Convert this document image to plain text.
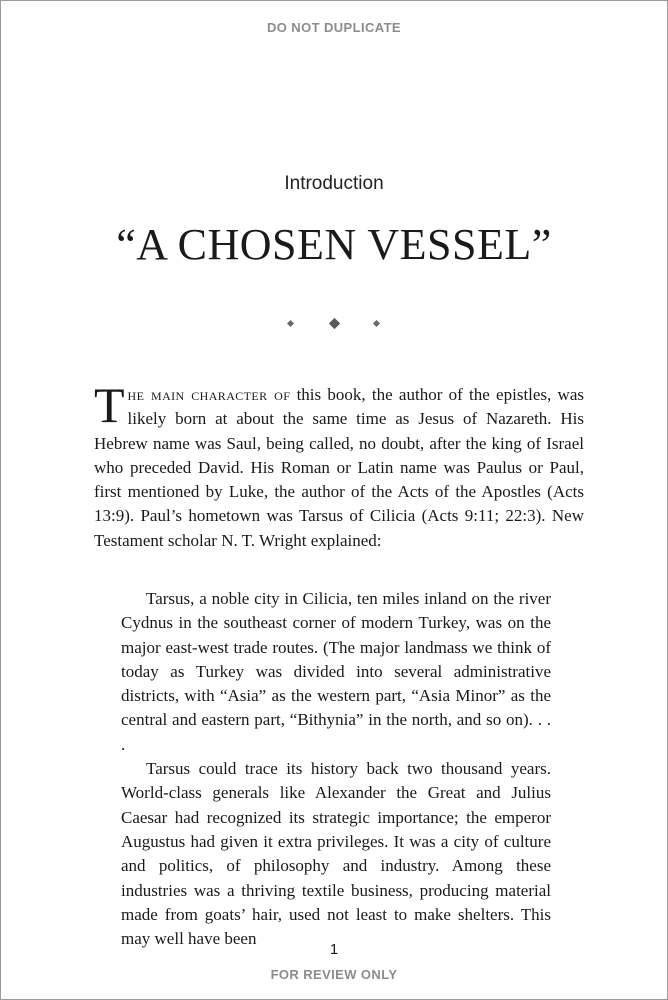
DO NOT DUPLICATE
Introduction
“A CHOSEN VESSEL”
The main character of this book, the author of the epistles, was likely born at about the same time as Jesus of Nazareth. His Hebrew name was Saul, being called, no doubt, after the king of Israel who preceded David. His Roman or Latin name was Paulus or Paul, first mentioned by Luke, the author of the Acts of the Apostles (Acts 13:9). Paul’s hometown was Tarsus of Cilicia (Acts 9:11; 22:3). New Testament scholar N. T. Wright explained:

Tarsus, a noble city in Cilicia, ten miles inland on the river Cydnus in the southeast corner of modern Turkey, was on the major east-west trade routes. (The major landmass we think of today as Turkey was divided into several administrative districts, with “Asia” as the western part, “Asia Minor” as the central and eastern part, “Bithynia” in the north, and so on). . . .

Tarsus could trace its history back two thousand years. World-class generals like Alexander the Great and Julius Caesar had recognized its strategic importance; the emperor Augustus had given it extra privileges. It was a city of culture and politics, of philosophy and industry. Among these industries was a thriving textile business, producing material made from goats’ hair, used not least to make shelters. This may well have been

1
FOR REVIEW ONLY
